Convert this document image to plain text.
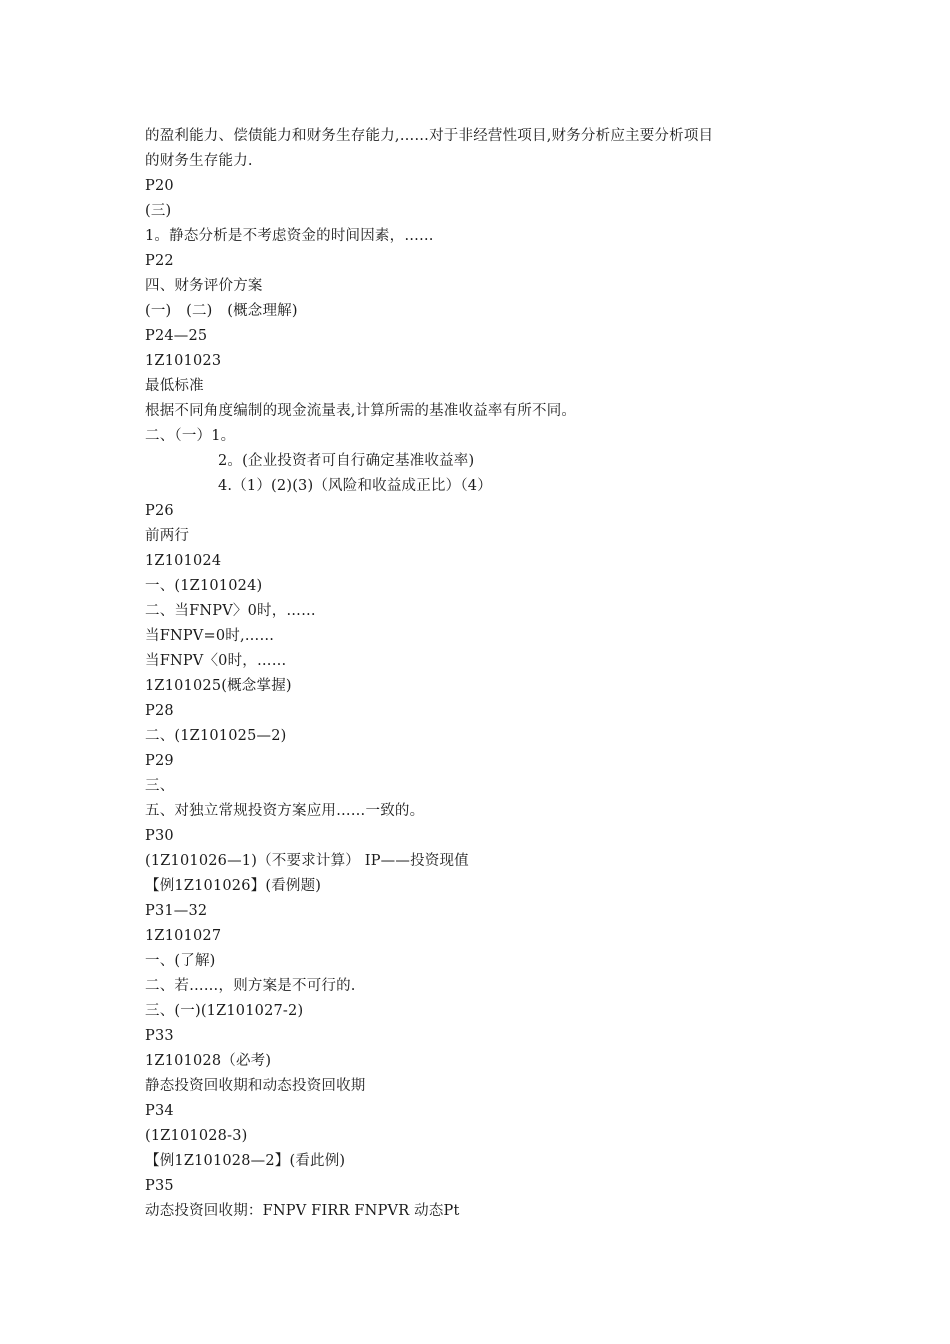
的盈利能力、偿债能力和财务生存能力,……对于非经营性项目,财务分析应主要分析项目
的财务生存能力.
P20
(三)
1。静态分析是不考虑资金的时间因素，……
P22
四、财务评价方案
(一)　(二)　(概念理解)
P24—25
1Z101023
最低标准
根据不同角度编制的现金流量表,计算所需的基准收益率有所不同。
二、（一）1。
2。(企业投资者可自行确定基准收益率)
4.（1）(2)(3)（风险和收益成正比）（4）
P26
前两行
1Z101024
一、(1Z101024)
二、当FNPV〉0时，……
当FNPV=0时,……
当FNPV〈0时，……
1Z101025(概念掌握)
P28
二、(1Z101025—2)
P29
三、
五、对独立常规投资方案应用……一致的。
P30
(1Z101026—1)（不要求计算） IP——投资现值
【例1Z101026】(看例题)
P31—32
1Z101027
一、(了解)
二、若……，则方案是不可行的.
三、(一)(1Z101027-2)
P33
1Z101028（必考)
静态投资回收期和动态投资回收期
P34
(1Z101028-3)
【例1Z101028—2】(看此例)
P35
动态投资回收期：FNPV FIRR FNPVR 动态Pt
